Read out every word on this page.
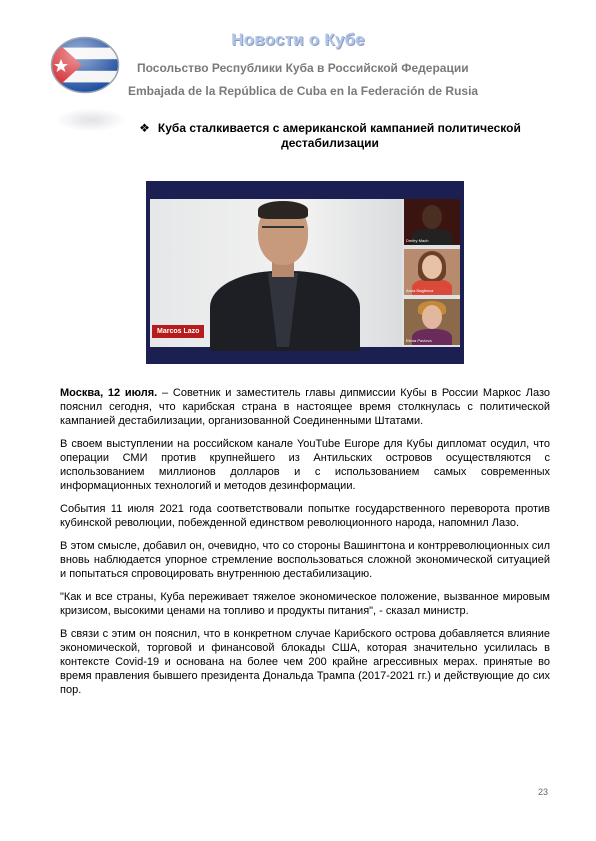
Новости о Кубе
Посольство Республики Куба в Российской Федерации
Embajada de la República de Cuba en la Federación de Rusia
❖ Куба сталкивается с американской кампанией политической дестабилизации
Marcos Lazo
Dmitry Mach
Anna Nagibova
Elena Pavlova

Москва, 12 июля. – Советник и заместитель главы дипмиссии Кубы в России Маркос Лазо пояснил сегодня, что карибская страна в настоящее время столкнулась с политической кампанией дестабилизации, организованной Соединенными Штатами.

В своем выступлении на российском канале YouTube Europe для Кубы дипломат осудил, что операции СМИ против крупнейшего из Антильских островов осуществляются с использованием миллионов долларов и с использованием самых современных информационных технологий и методов дезинформации.

События 11 июля 2021 года соответствовали попытке государственного переворота против кубинской революции, побежденной единством революционного народа, напомнил Лазо.

В этом смысле, добавил он, очевидно, что со стороны Вашингтона и контрреволюционных сил вновь наблюдается упорное стремление воспользоваться сложной экономической ситуацией и попытаться спровоцировать внутреннюю дестабилизацию.

"Как и все страны, Куба переживает тяжелое экономическое положение, вызванное мировым кризисом, высокими ценами на топливо и продукты питания", - сказал министр.

В связи с этим он пояснил, что в конкретном случае Карибского острова добавляется влияние экономической, торговой и финансовой блокады США, которая значительно усилилась в контексте Covid-19 и основана на более чем 200 крайне агрессивных мерах. принятые во время правления бывшего президента Дональда Трампа (2017-2021 гг.) и действующие до сих пор.

23
